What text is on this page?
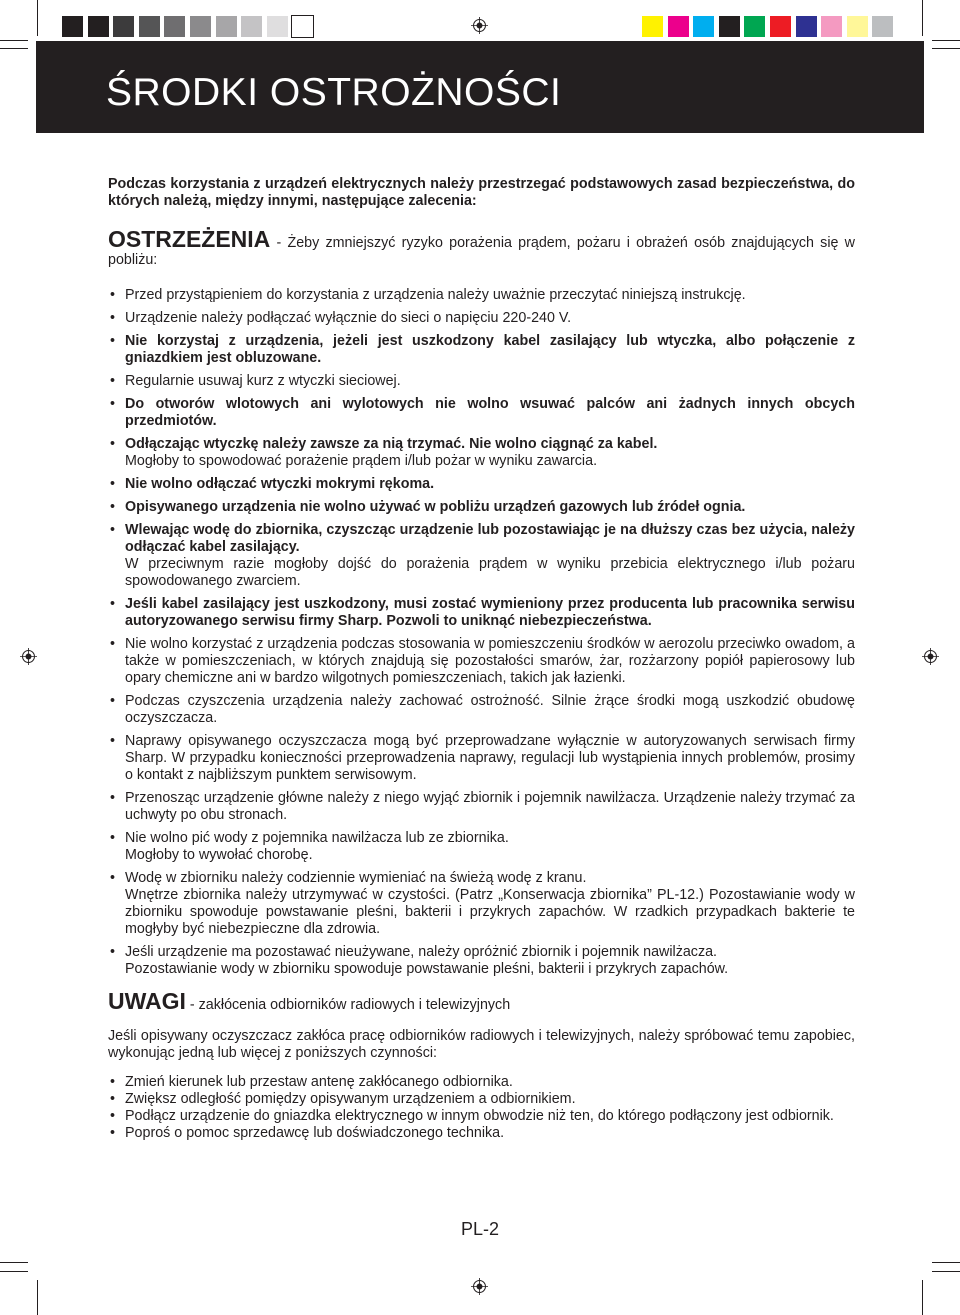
ŚRODKI OSTROŻNOŚCI

Podczas korzystania z urządzeń elektrycznych należy przestrzegać podstawowych zasad bezpieczeństwa, do których należą, między innymi, następujące zalecenia:

OSTRZEŻENIA - Żeby zmniejszyć ryzyko porażenia prądem, pożaru i obrażeń osób znajdujących się w pobliżu:

• Przed przystąpieniem do korzystania z urządzenia należy uważnie przeczytać niniejszą instrukcję.
• Urządzenie należy podłączać wyłącznie do sieci o napięciu 220-240 V.
• Nie korzystaj z urządzenia, jeżeli jest uszkodzony kabel zasilający lub wtyczka, albo połączenie z gniazdkiem jest obluzowane.
• Regularnie usuwaj kurz z wtyczki sieciowej.
• Do otworów wlotowych ani wylotowych nie wolno wsuwać palców ani żadnych innych obcych przedmiotów.
• Odłączając wtyczkę należy zawsze za nią trzymać. Nie wolno ciągnąć za kabel.
Mogłoby to spowodować porażenie prądem i/lub pożar w wyniku zawarcia.
• Nie wolno odłączać wtyczki mokrymi rękoma.
• Opisywanego urządzenia nie wolno używać w pobliżu urządzeń gazowych lub źródeł ognia.
• Wlewając wodę do zbiornika, czyszcząc urządzenie lub pozostawiając je na dłuższy czas bez użycia, należy odłączać kabel zasilający.
W przeciwnym razie mogłoby dojść do porażenia prądem w wyniku przebicia elektrycznego i/lub pożaru spowodowanego zwarciem.
• Jeśli kabel zasilający jest uszkodzony, musi zostać wymieniony przez producenta lub pracownika serwisu autoryzowanego serwisu firmy Sharp. Pozwoli to uniknąć niebezpieczeństwa.
• Nie wolno korzystać z urządzenia podczas stosowania w pomieszczeniu środków w aerozolu przeciwko owadom, a także w pomieszczeniach, w których znajdują się pozostałości smarów, żar, rozżarzony popiół papierosowy lub opary chemiczne ani w bardzo wilgotnych pomieszczeniach, takich jak łazienki.
• Podczas czyszczenia urządzenia należy zachować ostrożność. Silnie żrące środki mogą uszkodzić obudowę oczyszczacza.
• Naprawy opisywanego oczyszczacza mogą być przeprowadzane wyłącznie w autoryzowanych serwisach firmy Sharp. W przypadku konieczności przeprowadzenia naprawy, regulacji lub wystąpienia innych problemów, prosimy o kontakt z najbliższym punktem serwisowym.
• Przenosząc urządzenie główne należy z niego wyjąć zbiornik i pojemnik nawilżacza. Urządzenie należy trzymać za uchwyty po obu stronach.
• Nie wolno pić wody z pojemnika nawilżacza lub ze zbiornika.
Mogłoby to wywołać chorobę.
• Wodę w zbiorniku należy codziennie wymieniać na świeżą wodę z kranu.
Wnętrze zbiornika należy utrzymywać w czystości. (Patrz „Konserwacja zbiornika” PL-12.) Pozostawianie wody w zbiorniku spowoduje powstawanie pleśni, bakterii i przykrych zapachów. W rzadkich przypadkach bakterie te mogłyby być niebezpieczne dla zdrowia.
• Jeśli urządzenie ma pozostawać nieużywane, należy opróżnić zbiornik i pojemnik nawilżacza.
Pozostawianie wody w zbiorniku spowoduje powstawanie pleśni, bakterii i przykrych zapachów.

UWAGI - zakłócenia odbiorników radiowych i telewizyjnych

Jeśli opisywany oczyszczacz zakłóca pracę odbiorników radiowych i telewizyjnych, należy spróbować temu zapobiec, wykonując jedną lub więcej z poniższych czynności:

• Zmień kierunek lub przestaw antenę zakłócanego odbiornika.
• Zwiększ odległość pomiędzy opisywanym urządzeniem a odbiornikiem.
• Podłącz urządzenie do gniazdka elektrycznego w innym obwodzie niż ten, do którego podłączony jest odbiornik.
• Poproś o pomoc sprzedawcę lub doświadczonego technika.
PL-2
